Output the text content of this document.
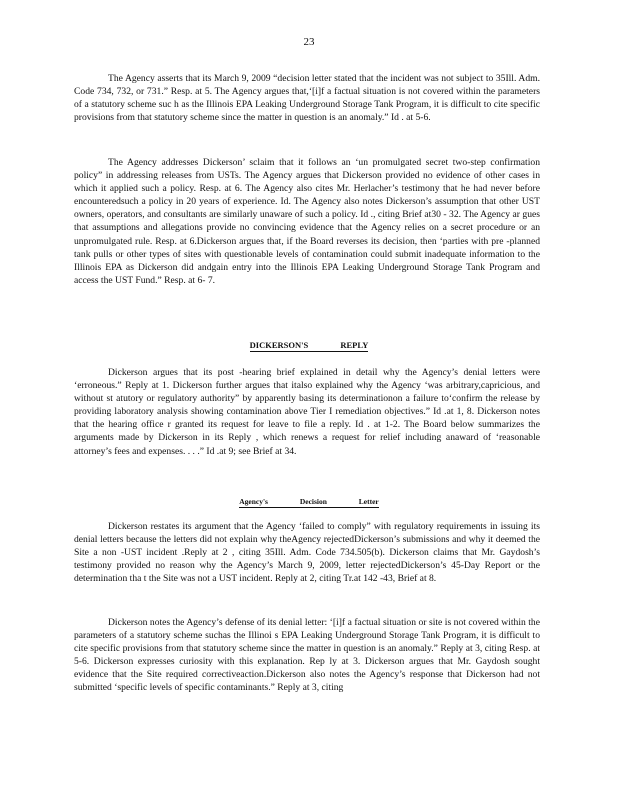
23

The Agency asserts that its March 9, 2009 “decision letter stated that the incident was not subject to 35Ill. Adm. Code 734, 732, or 731.” Resp. at 5. The Agency argues that,‘[i]f a factual situation is not covered within the parameters of a statutory scheme suc h as the Illinois EPA Leaking Underground Storage Tank Program, it is difficult to cite specific provisions from that statutory scheme since the matter in question is an anomaly.” Id . at 5-6.

The Agency addresses Dickerson’ sclaim that it follows an ‘un promulgated secret two-step confirmation policy” in addressing releases from USTs. The Agency argues that Dickerson provided no evidence of other cases in which it applied such a policy. Resp. at 6. The Agency also cites Mr. Herlacher’s testimony that he had never before encounteredsuch a policy in 20 years of experience. Id. The Agency also notes Dickerson’s assumption that other UST owners, operators, and consultants are similarly unaware of such a policy. Id ., citing Brief at30 - 32. The Agency ar gues that assumptions and allegations provide no convincing evidence that the Agency relies on a secret procedure or an unpromulgated rule. Resp. at 6.Dickerson argues that, if the Board reverses its decision, then ‘parties with pre -planned tank pulls or other types of sites with questionable levels of contamination could submit inadequate information to the Illinois EPA as Dickerson did andgain entry into the Illinois EPA Leaking Underground Storage Tank Program and access the UST Fund.” Resp. at 6- 7.

DICKERSON'S REPLY

Dickerson argues that its post -hearing brief explained in detail why the Agency’s denial letters were ‘erroneous.” Reply at 1. Dickerson further argues that italso explained why the Agency ‘was arbitrary,capricious, and without st atutory or regulatory authority” by apparently basing its determinationon a failure to‘confirm the release by providing laboratory analysis showing contamination above Tier I remediation objectives.” Id .at 1, 8. Dickerson notes that the hearing office r granted its request for leave to file a reply. Id . at 1-2. The Board below summarizes the arguments made by Dickerson in its Reply , which renews a request for relief including anaward of ‘reasonable attorney’s fees and expenses. . . .” Id .at 9; see Brief at 34.

Agency's Decision Letter

Dickerson restates its argument that the Agency ‘failed to comply” with regulatory requirements in issuing its denial letters because the letters did not explain why theAgency rejectedDickerson’s submissions and why it deemed the Site a non -UST incident .Reply at 2 , citing 35Ill. Adm. Code 734.505(b). Dickerson claims that Mr. Gaydosh’s testimony provided no reason why the Agency’s March 9, 2009, letter rejectedDickerson’s 45-Day Report or the determination tha t the Site was not a UST incident. Reply at 2, citing Tr.at 142 -43, Brief at 8.

Dickerson notes the Agency’s defense of its denial letter: ‘[i]f a factual situation or site is not covered within the parameters of a statutory scheme suchas the Illinoi s EPA Leaking Underground Storage Tank Program, it is difficult to cite specific provisions from that statutory scheme since the matter in question is an anomaly.” Reply at 3, citing Resp. at 5-6. Dickerson expresses curiosity with this explanation. Rep ly at 3. Dickerson argues that Mr. Gaydosh sought evidence that the Site required correctiveaction.Dickerson also notes the Agency’s response that Dickerson had not submitted ‘specific levels of specific contaminants.” Reply at 3, citing
